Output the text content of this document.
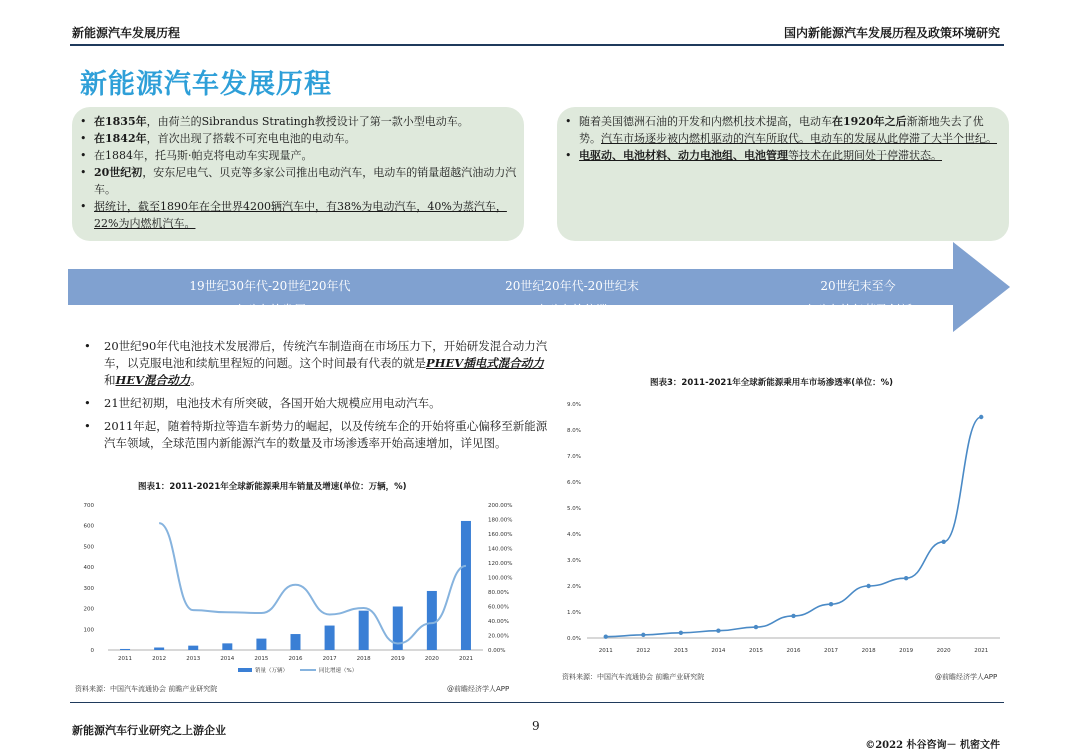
新能源汽车发展历程	国内新能源汽车发展历程及政策环境研究
新能源汽车发展历程
• 在1835年，由荷兰的Sibrandus Stratingh教授设计了第一款小型电动车。
• 在1842年，首次出现了搭载不可充电电池的电动车。
• 在1884年，托马斯·帕克将电动车实现量产。
• 20世纪初，安东尼电气、贝克等多家公司推出电动汽车，电动车的销量超越汽油动力汽车。
• 据统计，截至1890年在全世界4200辆汽车中，有38%为电动汽车，40%为蒸汽车，22%为内燃机汽车。
• 随着美国德洲石油的开发和内燃机技术提高，电动车在1920年之后渐渐地失去了优势。汽车市场逐步被内燃机驱动的汽车所取代。电动车的发展从此停滞了大半个世纪。
• 电驱动、电池材料、动力电池组、电池管理等技术在此期间处于停滞状态。
19世纪30年代-20世纪20年代
电动车的发展
20世纪20年代-20世纪末
电动车的停滞
20世纪末至今
电动车的复苏及创新
• 20世纪90年代电池技术发展滞后，传统汽车制造商在市场压力下，开始研发混合动力汽车，以克服电池和续航里程短的问题。这个时间最有代表的就是PHEV插电式混合动力和HEV混合动力。
• 21世纪初期，电池技术有所突破，各国开始大规模应用电动汽车。
• 2011年起，随着特斯拉等造车新势力的崛起，以及传统车企的开始将重心偏移至新能源汽车领域，全球范围内新能源汽车的数量及市场渗透率开始高速增加，详见图。
图表1：2011-2021年全球新能源乘用车销量及增速(单位：万辆，%)
0
100
200
300
400
500
600
700
0.00%
20.00%
40.00%
60.00%
80.00%
100.00%
120.00%
140.00%
160.00%
180.00%
200.00%
2011	2012	2013	2014	2015	2016	2017	2018	2019	2020	2021
销量（万辆）	同比增速（%）
资料来源：中国汽车流通协会 前瞻产业研究院	@前瞻经济学人APP
图表3：2011-2021年全球新能源乘用车市场渗透率(单位：%)
0.0%
1.0%
2.0%
3.0%
4.0%
5.0%
6.0%
7.0%
8.0%
9.0%
2011	2012	2013	2014	2015	2016	2017	2018	2019	2020	2021
资料来源：中国汽车流通协会 前瞻产业研究院	@前瞻经济学人APP
新能源汽车行业研究之上游企业	9
©2022 朴谷咨询－ 机密文件
